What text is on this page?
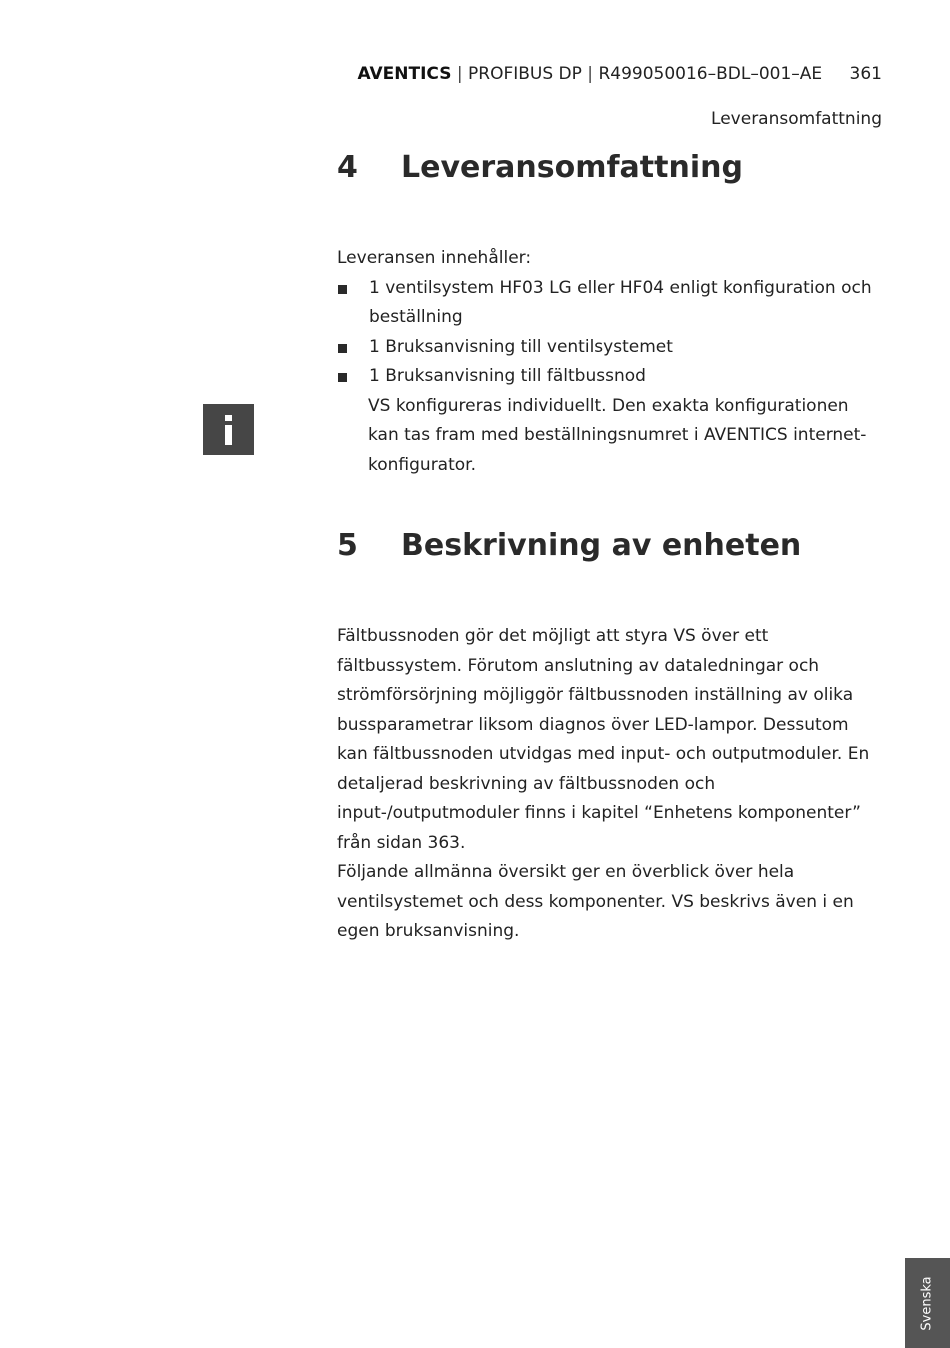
AVENTICS | PROFIBUS DP | R499050016–BDL–001–AE 361
Leveransomfattning
4 Leveransomfattning

Leveransen innehåller:

1 ventilsystem HF03 LG eller HF04 enligt konfiguration och beställning
1 Bruksanvisning till ventilsystemet
1 Bruksanvisning till fältbussnod

VS konfigureras individuellt. Den exakta konfigurationen kan tas fram med beställningsnumret i AVENTICS internet-konfigurator.

5 Beskrivning av enheten

Fältbussnoden gör det möjligt att styra VS över ett fältbussystem. Förutom anslutning av dataledningar och strömförsörjning möjliggör fältbussnoden inställning av olika bussparametrar liksom diagnos över LED-lampor. Dessutom kan fältbussnoden utvidgas med input- och outputmoduler. En detaljerad beskrivning av fältbussnoden och input-/outputmoduler finns i kapitel “Enhetens komponenter” från sidan 363.

Följande allmänna översikt ger en överblick över hela ventilsystemet och dess komponenter. VS beskrivs även i en egen bruksanvisning.

Svenska
